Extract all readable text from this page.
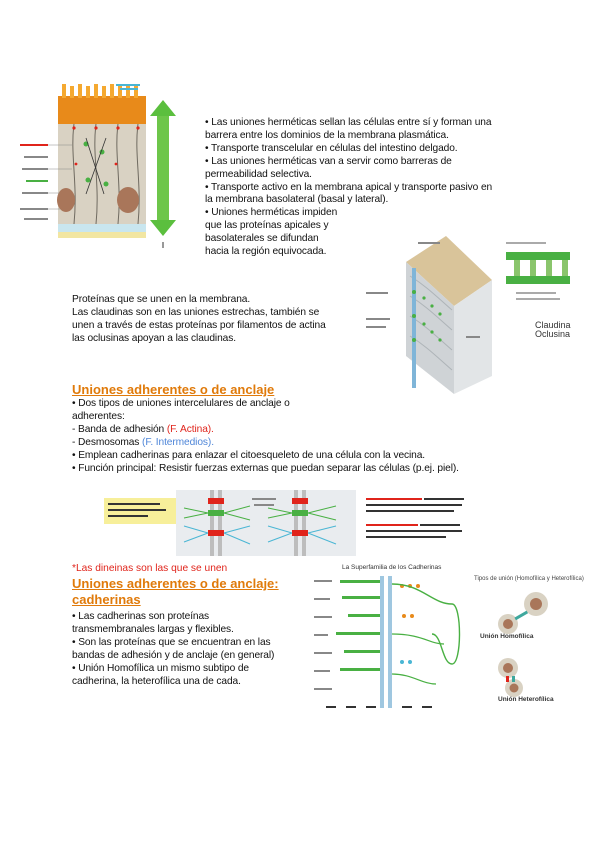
• Las uniones herméticas sellan las células entre sí y forman una
barrera entre los dominios de la membrana plasmática.
• Transporte transcelular en células del intestino delgado.
• Las uniones herméticas van a servir como barreras de
permeabilidad selectiva.
• Transporte activo en la membrana apical y transporte pasivo en
la membrana basolateral (basal y lateral).
• Uniones herméticas impiden
que las proteínas apicales y
basolaterales se difundan
hacia la región equivocada.
Proteínas que se unen en la membrana.
Las claudinas son en las uniones estrechas, también se
unen a través de estas proteínas por filamentos de actina
las oclusinas apoyan a las claudinas.
Claudina
Oclusina
Uniones adherentes o de anclaje
• Dos tipos de uniones intercelulares de anclaje o
adherentes:
- Banda de adhesión (F. Actina).
- Desmosomas (F. Intermedios).
• Emplean cadherinas para enlazar el citoesqueleto de una célula con la vecina.
• Función principal: Resistir fuerzas externas que puedan separar las células (p.ej. piel).
*Las dineinas son las que se unen
Uniones adherentes o de anclaje:
cadherinas
• Las cadherinas son proteínas
transmembranales largas y flexibles.
• Son las proteínas que se encuentran en las
bandas de adhesión y de anclaje (en general)
• Unión Homofílica un mismo subtipo de
cadherina, la heterofílica una de cada.
La Superfamilia de los Cadherinas
Tipos de unión (Homofílica y Heterofílica)
Unión Homofílica
Unión Heterofílica
